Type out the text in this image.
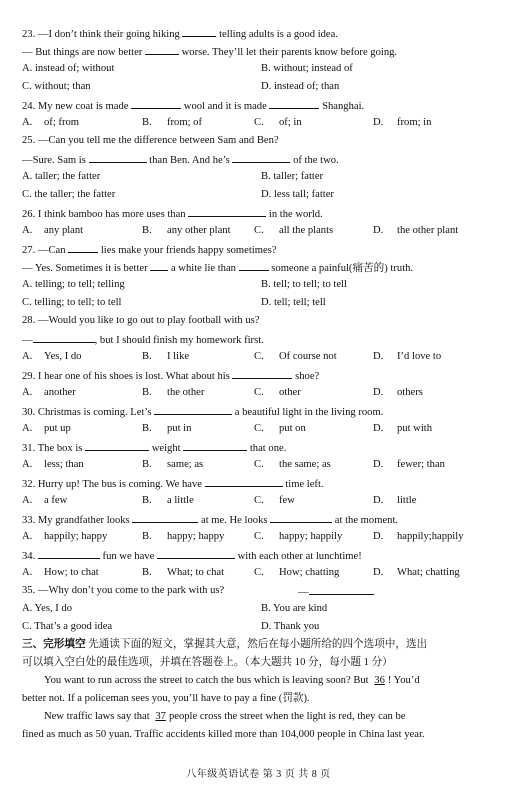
23. —I don’t think their going hiking	telling adults is a good idea.
— But things are now better	worse. They’ll let their parents know before going.
A. instead of; without	B. without; instead of
C. without; than	D. instead of; than
24. My new coat is made	wool and it is made	Shanghai.
A. of; from	B. from; of	C. of; in	D. from; in
25. —Can you tell me the difference between Sam and Ben?
—Sure. Sam is	than Ben. And he’s	of the two.
A. taller; the fatter	B. taller; fatter
C. the taller; the fatter	D. less tall; fatter
26. I think bamboo has more uses than	in the world.
A. any plant	B. any other plant C. all the plants	D. the other plant
27. —Can	lies make your friends happy sometimes?
— Yes. Sometimes it is better  a white lie than	someone a painful(痛苦的) truth.
A. telling; to tell; telling	B. tell; to tell; to tell
C. telling; to tell; to tell	D. tell; tell; tell
28. —Would you like to go out to play football with us?
—	, but I should finish my homework first.
A. Yes, I do	B. I like	C. Of course not	D. I’d love to
29. I hear one of his shoes is lost. What about his	shoe?
A. another	B. the other	C. other	D. others
30. Christmas is coming. Let’s	a beautiful light in the living room.
A. put up	B. put in	C. put on	D. put with
31. The box is	weight	that one.
A. less; than	B. same; as	C. the same; as	D. fewer; than
32. Hurry up! The bus is coming. We have	time left.
A. a few	B. a little	C. few	D. little
33. My grandfather looks	at me. He looks	at the moment.
A. happily; happy	B. happy; happy	C. happy; happily	D. happily;happily
34.	fun we have	with each other at lunchtime!
A. How; to chat	B. What; to chat	C. How; chatting	D. What; chatting
35. —Why don’t you come to the park with us?	—	.
A. Yes, I do	B. You are kind
C. That’s a good idea	D. Thank you
三、完形填空 先通读下面的短文，掌握其大意，然后在每小题所给的四个选项中，选出
可以填入空白处的最佳选项，并填在答题卷上。（本大题共 10 分，每小题 1 分）
You want to run across the street to catch the bus which is leaving soon? But 36 ! You’d
better not. If a policeman sees you, you’ll have to pay a fine (罚款).
New traffic laws say that 37 people cross the street when the light is red, they can be
fined as much as 50 yuan. Traffic accidents killed more than 104,000 people in China last year.
八年级英语试卷 第 3 页 共 8 页
